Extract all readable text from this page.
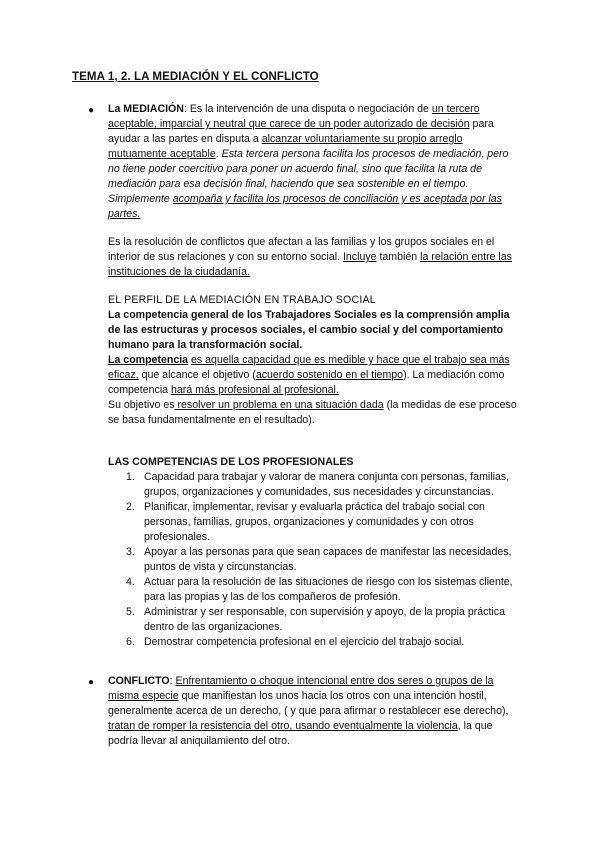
TEMA 1, 2. LA MEDIACIÓN Y EL CONFLICTO
● La MEDIACIÓN: Es la intervención de una disputa o negociación de un tercero aceptable, imparcial y neutral que carece de un poder autorizado de decisión para ayudar a las partes en disputa a alcanzar voluntariamente su propio arreglo mutuamente aceptable. Esta tercera persona facilita los procesos de mediación, pero no tiene poder coercitivo para poner un acuerdo final, sino que facilita la ruta de mediación para esa decisión final, haciendo que sea sostenible en el tiempo. Simplemente acompaña y facilita los procesos de conciliación y es aceptada por las partes.
Es la resolución de conflictos que afectan a las familias y los grupos sociales en el interior de sus relaciones y con su entorno social. Incluye también la relación entre las instituciones de la ciudadanía.
EL PERFIL DE LA MEDIACIÓN EN TRABAJO SOCIAL
La competencia general de los Trabajadores Sociales es la comprensión amplia de las estructuras y procesos sociales, el cambio social y del comportamiento humano para la transformación social.
La competencia es aquella capacidad que es medible y hace que el trabajo sea más eficaz, que alcance el objetivo (acuerdo sostenido en el tiempo). La mediación como competencia hará más profesional al profesional.
Su objetivo es resolver un problema en una situación dada (la medidas de ese proceso se basa fundamentalmente en el resultado).
LAS COMPETENCIAS DE LOS PROFESIONALES
1. Capacidad para trabajar y valorar de manera conjunta con personas, familias, grupos, organizaciones y comunidades, sus necesidades y circunstancias.
2. Planificar, implementar, revisar y evaluarla práctica del trabajo social con personas, familias, grupos, organizaciones y comunidades y con otros profesionales.
3. Apoyar a las personas para que sean capaces de manifestar las necesidades, puntos de vista y circunstancias.
4. Actuar para la resolución de las situaciones de riesgo con los sistemas cliente, para las propias y las de los compañeros de profesión.
5. Administrar y ser responsable, con supervisión y apoyo, de la propia práctica dentro de las organizaciones.
6. Demostrar competencia profesional en el ejercicio del trabajo social.
● CONFLICTO: Enfrentamiento o choque intencional entre dos seres o grupos de la misma especie que manifiestan los unos hacia los otros con una intención hostil, generalmente acerca de un derecho, ( y que para afirmar o restablecer ese derecho), tratan de romper la resistencia del otro, usando eventualmente la violencia, la que podría llevar al aniquilamiento del otro.
